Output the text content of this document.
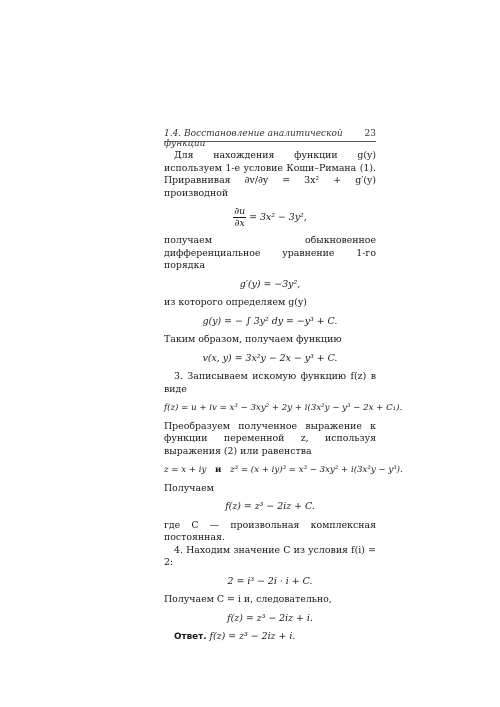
1.4. Восстановление аналитической функции
23

Для нахождения функции g(y) используем 1-е условие Коши–Римана (1). Приравнивая ∂v/∂y = 3x² + g′(y) производной

$\frac{\partial u}{\partial x} = 3x^2 - 3y^2$,

получаем обыкновенное дифференциальное уравнение 1-го порядка

g′(y) = −3y²,

из которого определяем g(y)

g(y) = − ∫ 3y² dy = −y³ + C.

Таким образом, получаем функцию

v(x, y) = 3x²y − 2x − y³ + C.

3. Записываем искомую функцию f(z) в виде

f(z) = u + iv = x³ − 3xy² + 2y + i(3x²y − y³ − 2x + C₁).

Преобразуем полученное выражение к функции переменной z, используя выражения (2) или равенства

z = x + iy и z³ = (x + iy)³ = x³ − 3xy² + i(3x²y − y³).

Получаем

f(z) = z³ − 2iz + C.

где C — произвольная комплексная постоянная.

4. Находим значение C из условия f(i) = 2:

2 = i³ − 2i · i + C.

Получаем C = i и, следовательно,

f(z) = z³ − 2iz + i.

Ответ. f(z) = z³ − 2iz + i.
